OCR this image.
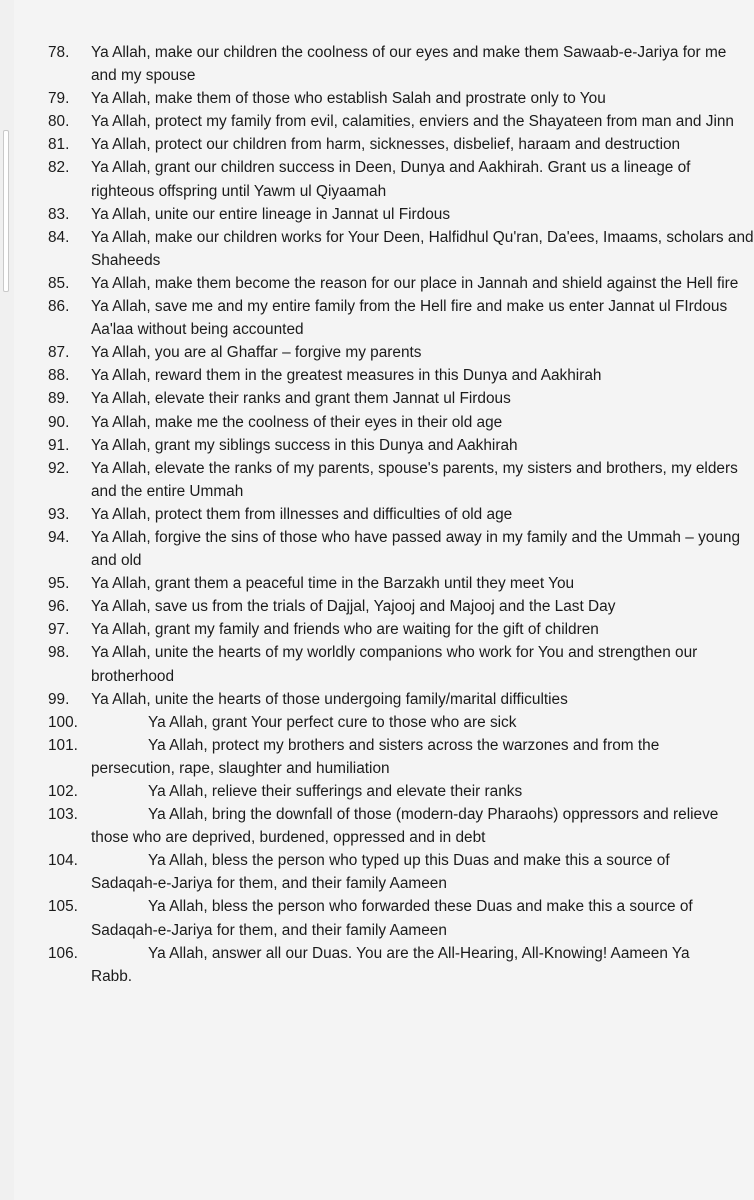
78. Ya Allah, make our children the coolness of our eyes and make them Sawaab-e-Jariya for me and my spouse
79. Ya Allah, make them of those who establish Salah and prostrate only to You
80. Ya Allah, protect my family from evil, calamities, enviers and the Shayateen from man and Jinn
81. Ya Allah, protect our children from harm, sicknesses, disbelief, haraam and destruction
82. Ya Allah, grant our children success in Deen, Dunya and Aakhirah. Grant us a lineage of righteous offspring until Yawm ul Qiyaamah
83. Ya Allah, unite our entire lineage in Jannat ul Firdous
84. Ya Allah, make our children works for Your Deen, Halfidhul Qu'ran, Da'ees, Imaams, scholars and Shaheeds
85. Ya Allah, make them become the reason for our place in Jannah and shield against the Hell fire
86. Ya Allah, save me and my entire family from the Hell fire and make us enter Jannat ul FIrdous Aa'laa without being accounted
87. Ya Allah, you are al Ghaffar – forgive my parents
88. Ya Allah, reward them in the greatest measures in this Dunya and Aakhirah
89. Ya Allah, elevate their ranks and grant them Jannat ul Firdous
90. Ya Allah, make me the coolness of their eyes in their old age
91. Ya Allah, grant my siblings success in this Dunya and Aakhirah
92. Ya Allah, elevate the ranks of my parents, spouse's parents, my sisters and brothers, my elders and the entire Ummah
93. Ya Allah, protect them from illnesses and difficulties of old age
94. Ya Allah, forgive the sins of those who have passed away in my family and the Ummah – young and old
95. Ya Allah, grant them a peaceful time in the Barzakh until they meet You
96. Ya Allah, save us from the trials of Dajjal, Yajooj and Majooj and the Last Day
97. Ya Allah, grant my family and friends who are waiting for the gift of children
98. Ya Allah, unite the hearts of my worldly companions who work for You and strengthen our brotherhood
99. Ya Allah, unite the hearts of those undergoing family/marital difficulties
100.	Ya Allah, grant Your perfect cure to those who are sick
101.	Ya Allah, protect my brothers and sisters across the warzones and from the
persecution, rape, slaughter and humiliation
102.	Ya Allah, relieve their sufferings and elevate their ranks
103.	Ya Allah, bring the downfall of those (modern-day Pharaohs) oppressors and relieve
those who are deprived, burdened, oppressed and in debt
104.	Ya Allah, bless the person who typed up this Duas and make this a source of
Sadaqah-e-Jariya for them, and their family Aameen
105.	Ya Allah, bless the person who forwarded these Duas and make this a source of
Sadaqah-e-Jariya for them, and their family Aameen
106.	Ya Allah, answer all our Duas. You are the All-Hearing, All-Knowing! Aameen Ya
Rabb.
